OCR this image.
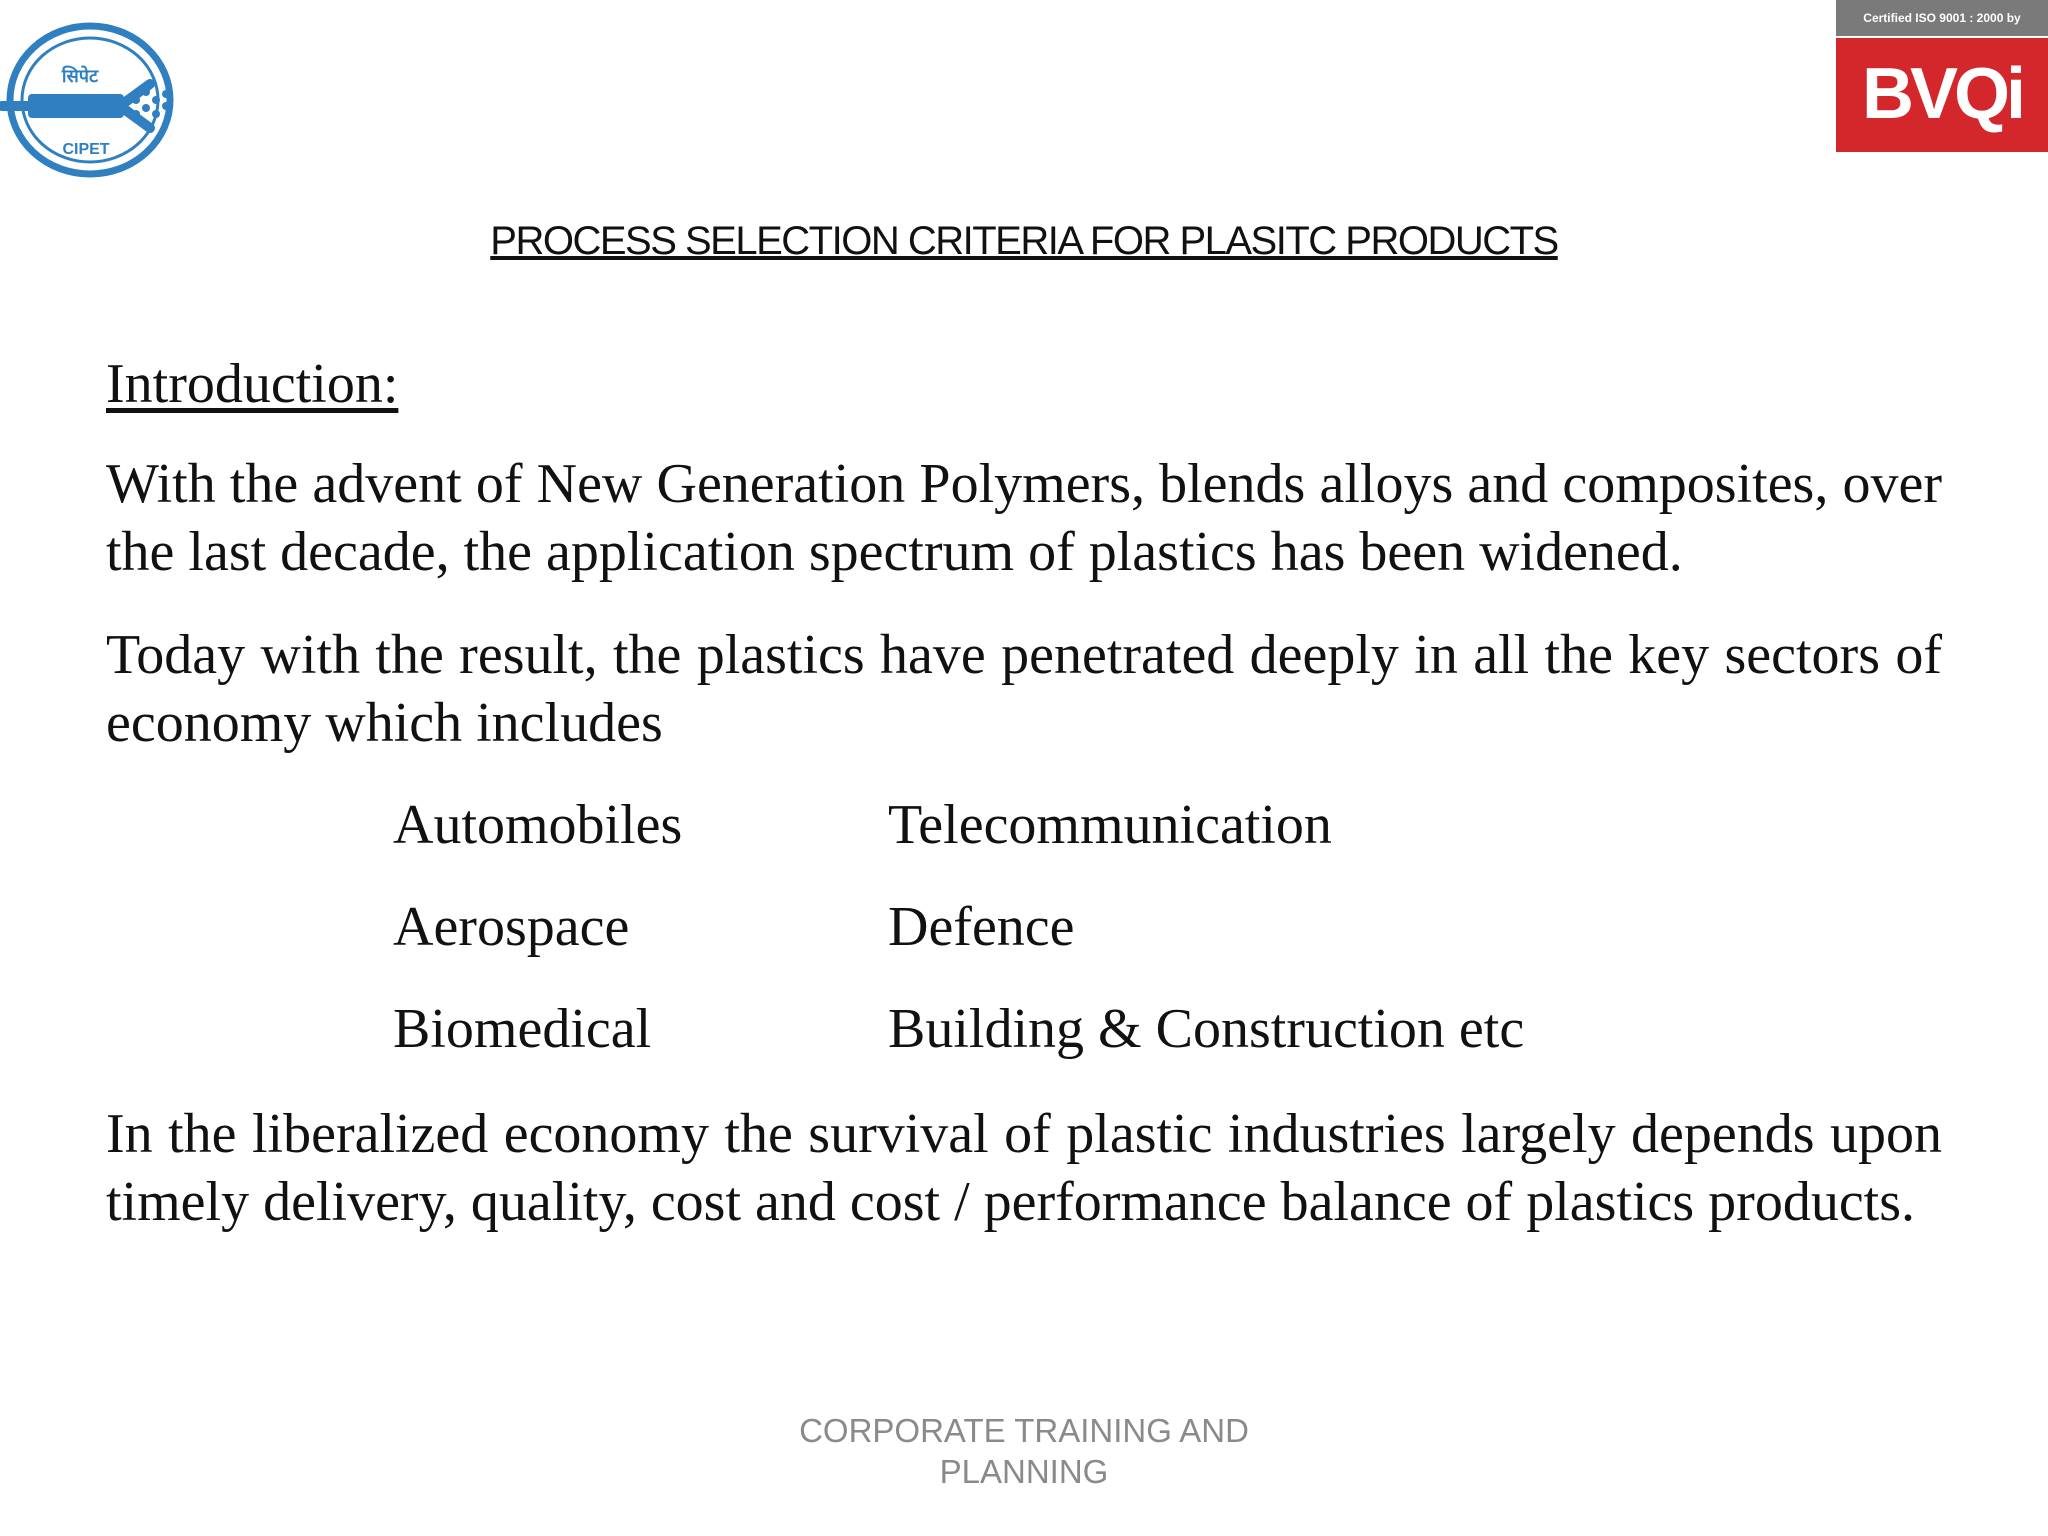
सिपेट
CIPET
Certified ISO 9001 : 2000 by
BVQi
PROCESS SELECTION CRITERIA FOR PLASITC PRODUCTS
Introduction:
With the advent of New Generation Polymers, blends alloys and composites, over the last decade, the application spectrum of plastics has been widened.
Today with the result, the plastics have penetrated deeply in all the key sectors of economy which includes
Automobiles	Telecommunication
Aerospace	Defence
Biomedical	Building & Construction etc
In the liberalized economy the survival of plastic industries largely depends upon timely delivery, quality, cost and cost / performance balance of plastics products.
CORPORATE TRAINING AND
PLANNING
